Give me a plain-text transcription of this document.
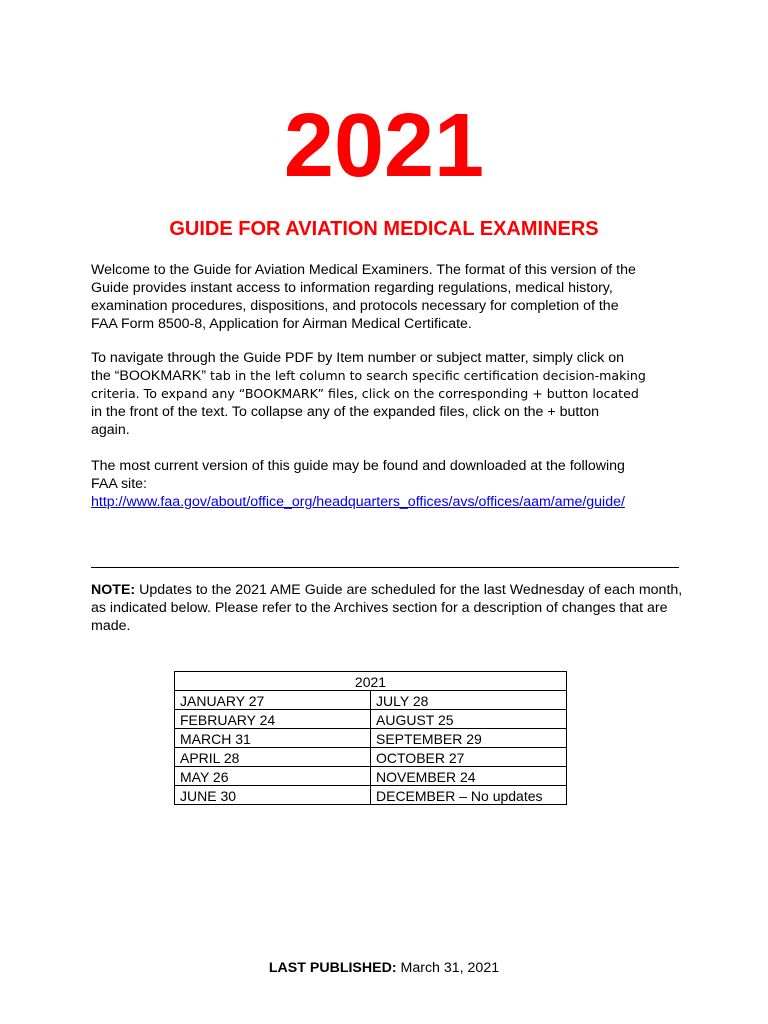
2021
GUIDE FOR AVIATION MEDICAL EXAMINERS
Welcome to the Guide for Aviation Medical Examiners. The format of this version of the
Guide provides instant access to information regarding regulations, medical history,
examination procedures, dispositions, and protocols necessary for completion of the
FAA Form 8500-8, Application for Airman Medical Certificate.
To navigate through the Guide PDF by Item number or subject matter, simply click on
the “BOOKMARK” tab in the left column to search specific certification decision-making
criteria. To expand any “BOOKMARK” files, click on the corresponding + button located
in the front of the text. To collapse any of the expanded files, click on the + button
again.
The most current version of this guide may be found and downloaded at the following
FAA site:
http://www.faa.gov/about/office_org/headquarters_offices/avs/offices/aam/ame/guide/
NOTE: Updates to the 2021 AME Guide are scheduled for the last Wednesday of each month, as indicated below. Please refer to the Archives section for a description of changes that are made.
2021	
JANUARY 27	JULY 28
FEBRUARY 24	AUGUST 25
MARCH 31	SEPTEMBER 29
APRIL 28	OCTOBER 27
MAY 26	NOVEMBER 24
JUNE 30	DECEMBER – No updates
LAST PUBLISHED: March 31, 2021
